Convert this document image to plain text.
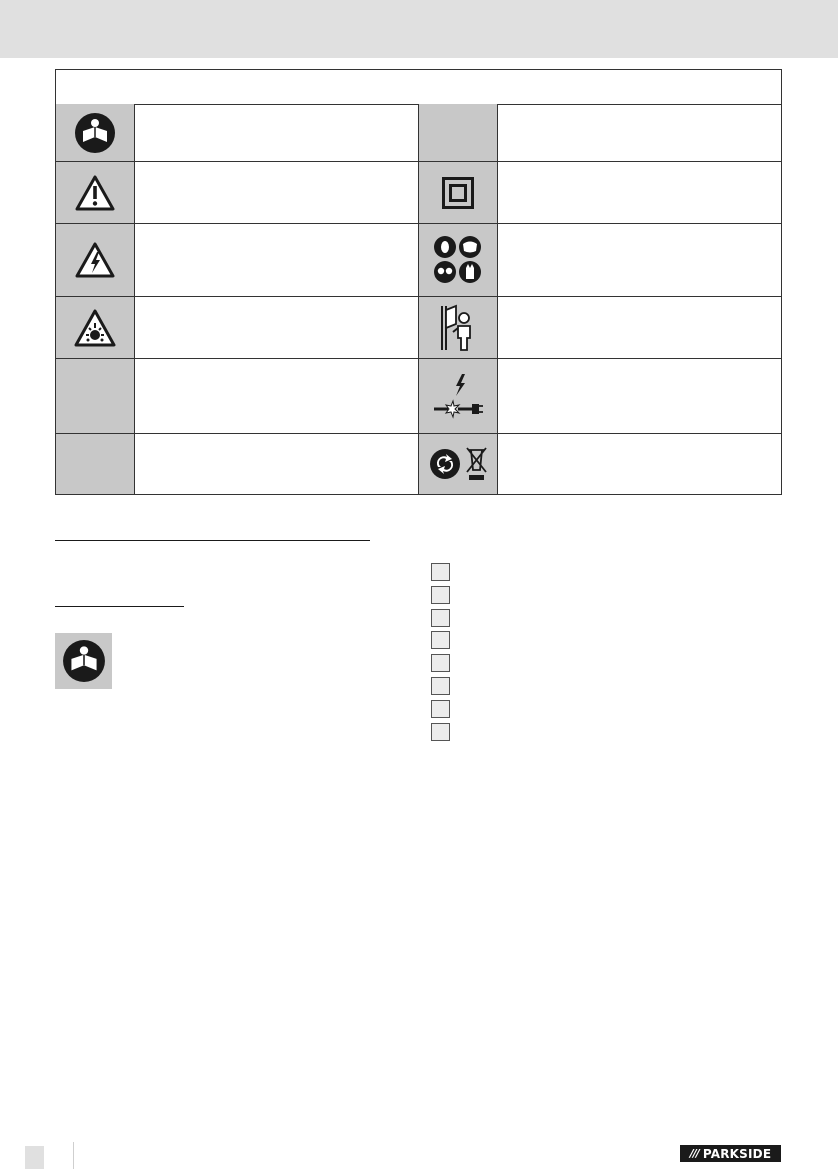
/// PARKSIDE
